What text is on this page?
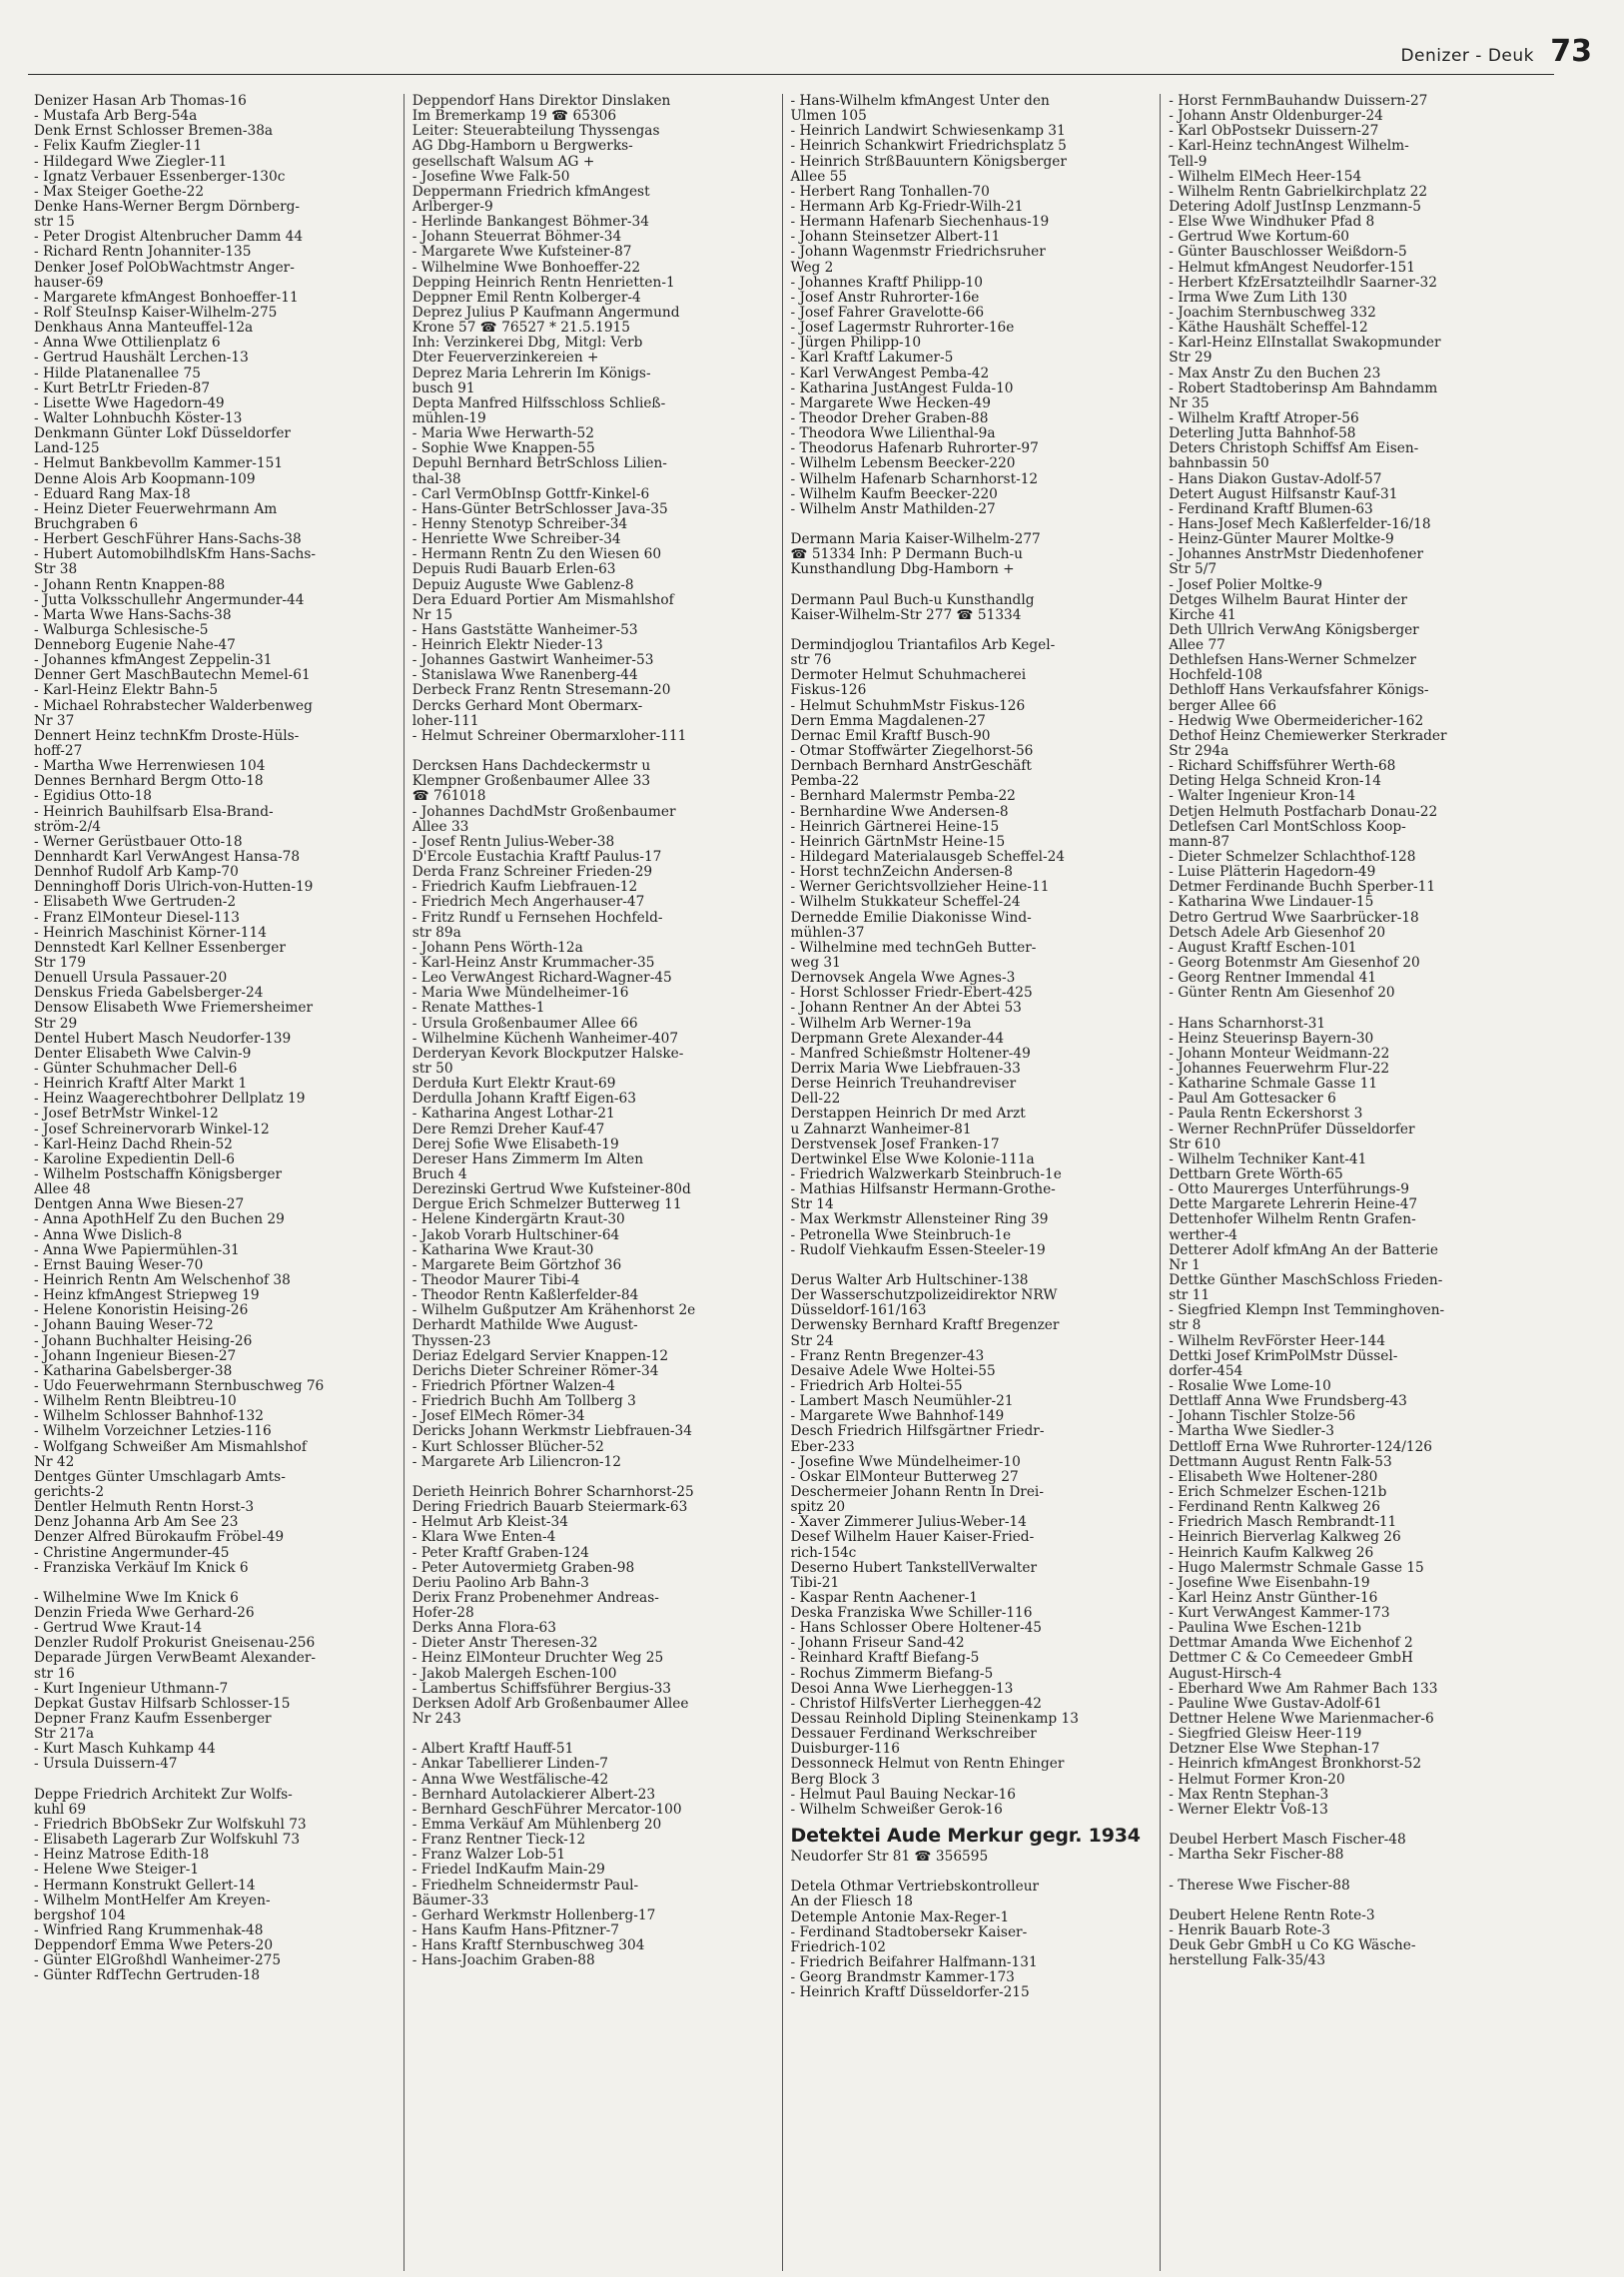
Denizer - Deuk 73
Denizer Hasan Arb Thomas-16
- Mustafa Arb Berg-54a
Denk Ernst Schlosser Bremen-38a
- Felix Kaufm Ziegler-11
- Hildegard Wwe Ziegler-11
- Ignatz Verbauer Essenberger-130c
- Max Steiger Goethe-22
Denke Hans-Werner Bergm Dörnberg-
str 15
- Peter Drogist Altenbrucher Damm 44
- Richard Rentn Johanniter-135
Denker Josef PolObWachtmstr Anger-
hauser-69
- Margarete kfmAngest Bonhoeffer-11
- Rolf SteuInsp Kaiser-Wilhelm-275
Denkhaus Anna Manteuffel-12a
- Anna Wwe Ottilienplatz 6
- Gertrud Haushält Lerchen-13
- Hilde Platanenallee 75
- Kurt BetrLtr Frieden-87
- Lisette Wwe Hagedorn-49
- Walter Lohnbuchh Köster-13
Denkmann Günter Lokf Düsseldorfer
Land-125
- Helmut Bankbevollm Kammer-151
Denne Alois Arb Koopmann-109
- Eduard Rang Max-18
- Heinz Dieter Feuerwehrmann Am
Bruchgraben 6
- Herbert GeschFührer Hans-Sachs-38
- Hubert AutomobilhdlsKfm Hans-Sachs-
Str 38
- Johann Rentn Knappen-88
- Jutta Volksschullehr Angermunder-44
- Marta Wwe Hans-Sachs-38
- Walburga Schlesische-5
Denneborg Eugenie Nahe-47
- Johannes kfmAngest Zeppelin-31
Denner Gert MaschBautechn Memel-61
- Karl-Heinz Elektr Bahn-5
- Michael Rohrabstecher Walderbenweg
Nr 37
Dennert Heinz technKfm Droste-Hüls-
hoff-27
- Martha Wwe Herrenwiesen 104
Dennes Bernhard Bergm Otto-18
- Egidius Otto-18
- Heinrich Bauhilfsarb Elsa-Brand-
ström-2/4
- Werner Gerüstbauer Otto-18
Dennhardt Karl VerwAngest Hansa-78
Dennhof Rudolf Arb Kamp-70
Denninghoff Doris Ulrich-von-Hutten-19
- Elisabeth Wwe Gertruden-2
- Franz ElMonteur Diesel-113
- Heinrich Maschinist Körner-114
Dennstedt Karl Kellner Essenberger
Str 179
Denuell Ursula Passauer-20
Denskus Frieda Gabelsberger-24
Densow Elisabeth Wwe Friemersheimer
Str 29
Dentel Hubert Masch Neudorfer-139
Denter Elisabeth Wwe Calvin-9
- Günter Schuhmacher Dell-6
- Heinrich Kraftf Alter Markt 1
- Heinz Waagerechtbohrer Dellplatz 19
- Josef BetrMstr Winkel-12
- Josef Schreinervorarb Winkel-12
- Karl-Heinz Dachd Rhein-52
- Karoline Expedientin Dell-6
- Wilhelm Postschaffn Königsberger
Allee 48
Dentgen Anna Wwe Biesen-27
- Anna ApothHelf Zu den Buchen 29
- Anna Wwe Dislich-8
- Anna Wwe Papiermühlen-31
- Ernst Bauing Weser-70
- Heinrich Rentn Am Welschenhof 38
- Heinz kfmAngest Striepweg 19
- Helene Konoristin Heising-26
- Johann Bauing Weser-72
- Johann Buchhalter Heising-26
- Johann Ingenieur Biesen-27
- Katharina Gabelsberger-38
- Udo Feuerwehrmann Sternbuschweg 76
- Wilhelm Rentn Bleibtreu-10
- Wilhelm Schlosser Bahnhof-132
- Wilhelm Vorzeichner Letzies-116
- Wolfgang Schweißer Am Mismahlshof
Nr 42
Dentges Günter Umschlagarb Amts-
gerichts-2
Dentler Helmuth Rentn Horst-3
Denz Johanna Arb Am See 23
Denzer Alfred Bürokaufm Fröbel-49
- Christine Angermunder-45
- Franziska Verkäuf Im Knick 6
- Wilhelmine Wwe Im Knick 6
Denzin Frieda Wwe Gerhard-26
- Gertrud Wwe Kraut-14
Denzler Rudolf Prokurist Gneisenau-256
Deparade Jürgen VerwBeamt Alexander-
str 16
- Kurt Ingenieur Uthmann-7
Depkat Gustav Hilfsarb Schlosser-15
Depner Franz Kaufm Essenberger
Str 217a
- Kurt Masch Kuhkamp 44
- Ursula Duissern-47
Deppe Friedrich Architekt Zur Wolfs-
kuhl 69
- Friedrich BbObSekr Zur Wolfskuhl 73
- Elisabeth Lagerarb Zur Wolfskuhl 73
- Heinz Matrose Edith-18
- Helene Wwe Steiger-1
- Hermann Konstrukt Gellert-14
- Wilhelm MontHelfer Am Kreyen-
bergshof 104
- Winfried Rang Krummenhak-48
Deppendorf Emma Wwe Peters-20
- Günter ElGroßhdl Wanheimer-275
- Günter RdfTechn Gertruden-18
Deppendorf Hans Direktor Dinslaken
Im Bremerkamp 19 ☎ 65306
Leiter: Steuerabteilung Thyssengas
AG Dbg-Hamborn u Bergwerks-
gesellschaft Walsum AG +
- Josefine Wwe Falk-50
Deppermann Friedrich kfmAngest
Arlberger-9
- Herlinde Bankangest Böhmer-34
- Johann Steuerrat Böhmer-34
- Margarete Wwe Kufsteiner-87
- Wilhelmine Wwe Bonhoeffer-22
Depping Heinrich Rentn Henrietten-1
Deppner Emil Rentn Kolberger-4
Deprez Julius P Kaufmann Angermund
Krone 57 ☎ 76527 * 21.5.1915
Inh: Verzinkerei Dbg, Mitgl: Verb
Dter Feuerverzinkereien +
Deprez Maria Lehrerin Im Königs-
busch 91
Depta Manfred Hilfsschloss Schließ-
mühlen-19
- Maria Wwe Herwarth-52
- Sophie Wwe Knappen-55
Depuhl Bernhard BetrSchloss Lilien-
thal-38
- Carl VermObInsp Gottfr-Kinkel-6
- Hans-Günter BetrSchlosser Java-35
- Henny Stenotyp Schreiber-34
- Henriette Wwe Schreiber-34
- Hermann Rentn Zu den Wiesen 60
Depuis Rudi Bauarb Erlen-63
Depuiz Auguste Wwe Gablenz-8
Dera Eduard Portier Am Mismahlshof
Nr 15
- Hans Gaststätte Wanheimer-53
- Heinrich Elektr Nieder-13
- Johannes Gastwirt Wanheimer-53
- Stanislawa Wwe Ranenberg-44
Derbeck Franz Rentn Stresemann-20
Dercks Gerhard Mont Obermarx-
loher-111
- Helmut Schreiner Obermarxloher-111
Dercksen Hans Dachdeckermstr u
Klempner Großenbaumer Allee 33
☎ 761018
- Johannes DachdMstr Großenbaumer
Allee 33
- Josef Rentn Julius-Weber-38
D'Ercole Eustachia Kraftf Paulus-17
Derda Franz Schreiner Frieden-29
- Friedrich Kaufm Liebfrauen-12
- Friedrich Mech Angerhauser-47
- Fritz Rundf u Fernsehen Hochfeld-
str 89a
- Johann Pens Wörth-12a
- Karl-Heinz Anstr Krummacher-35
- Leo VerwAngest Richard-Wagner-45
- Maria Wwe Mündelheimer-16
- Renate Matthes-1
- Ursula Großenbaumer Allee 66
- Wilhelmine Küchenh Wanheimer-407
Derderyan Kevork Blockputzer Halske-
str 50
Derduła Kurt Elektr Kraut-69
Derdulla Johann Kraftf Eigen-63
- Katharina Angest Lothar-21
Dere Remzi Dreher Kauf-47
Derej Sofie Wwe Elisabeth-19
Dereser Hans Zimmerm Im Alten
Bruch 4
Derezinski Gertrud Wwe Kufsteiner-80d
Dergue Erich Schmelzer Butterweg 11
- Helene Kindergärtn Kraut-30
- Jakob Vorarb Hultschiner-64
- Katharina Wwe Kraut-30
- Margarete Beim Görtzhof 36
- Theodor Maurer Tibi-4
- Theodor Rentn Kaßlerfelder-84
- Wilhelm Gußputzer Am Krähenhorst 2e
Derhardt Mathilde Wwe August-
Thyssen-23
Deriaz Edelgard Servier Knappen-12
Derichs Dieter Schreiner Römer-34
- Friedrich Pförtner Walzen-4
- Friedrich Buchh Am Tollberg 3
- Josef ElMech Römer-34
Dericks Johann Werkmstr Liebfrauen-34
- Kurt Schlosser Blücher-52
- Margarete Arb Liliencron-12
Derieth Heinrich Bohrer Scharnhorst-25
Dering Friedrich Bauarb Steiermark-63
- Helmut Arb Kleist-34
- Klara Wwe Enten-4
- Peter Kraftf Graben-124
- Peter Autovermietg Graben-98
Deriu Paolino Arb Bahn-3
Derix Franz Probenehmer Andreas-
Hofer-28
Derks Anna Flora-63
- Dieter Anstr Theresen-32
- Heinz ElMonteur Druchter Weg 25
- Jakob Malergeh Eschen-100
- Lambertus Schiffsführer Bergius-33
Derksen Adolf Arb Großenbaumer Allee
Nr 243
- Albert Kraftf Hauff-51
- Ankar Tabellierer Linden-7
- Anna Wwe Westfälische-42
- Bernhard Autolackierer Albert-23
- Bernhard GeschFührer Mercator-100
- Emma Verkäuf Am Mühlenberg 20
- Franz Rentner Tieck-12
- Franz Walzer Lob-51
- Friedel IndKaufm Main-29
- Friedhelm Schneidermstr Paul-
Bäumer-33
- Gerhard Werkmstr Hollenberg-17
- Hans Kaufm Hans-Pfitzner-7
- Hans Kraftf Sternbuschweg 304
- Hans-Joachim Graben-88
- Hans-Wilhelm kfmAngest Unter den
Ulmen 105
- Heinrich Landwirt Schwiesenkamp 31
- Heinrich Schankwirt Friedrichsplatz 5
- Heinrich StrßBauuntern Königsberger
Allee 55
- Herbert Rang Tonhallen-70
- Hermann Arb Kg-Friedr-Wilh-21
- Hermann Hafenarb Siechenhaus-19
- Johann Steinsetzer Albert-11
- Johann Wagenmstr Friedrichsruher
Weg 2
- Johannes Kraftf Philipp-10
- Josef Anstr Ruhrorter-16e
- Josef Fahrer Gravelotte-66
- Josef Lagermstr Ruhrorter-16e
- Jürgen Philipp-10
- Karl Kraftf Lakumer-5
- Karl VerwAngest Pemba-42
- Katharina JustAngest Fulda-10
- Margarete Wwe Hecken-49
- Theodor Dreher Graben-88
- Theodora Wwe Lilienthal-9a
- Theodorus Hafenarb Ruhrorter-97
- Wilhelm Lebensm Beecker-220
- Wilhelm Hafenarb Scharnhorst-12
- Wilhelm Kaufm Beecker-220
- Wilhelm Anstr Mathilden-27
Dermann Maria Kaiser-Wilhelm-277
☎ 51334 Inh: P Dermann Buch-u
Kunsthandlung Dbg-Hamborn +
Dermann Paul Buch-u Kunsthandlg
Kaiser-Wilhelm-Str 277 ☎ 51334
Dermindjoglou Triantafilos Arb Kegel-
str 76
Dermoter Helmut Schuhmacherei
Fiskus-126
- Helmut SchuhmMstr Fiskus-126
Dern Emma Magdalenen-27
Dernac Emil Kraftf Busch-90
- Otmar Stoffwärter Ziegelhorst-56
Dernbach Bernhard AnstrGeschäft
Pemba-22
- Bernhard Malermstr Pemba-22
- Bernhardine Wwe Andersen-8
- Heinrich Gärtnerei Heine-15
- Heinrich GärtnMstr Heine-15
- Hildegard Materialausgeb Scheffel-24
- Horst technZeichn Andersen-8
- Werner Gerichtsvollzieher Heine-11
- Wilhelm Stukkateur Scheffel-24
Dernedde Emilie Diakonisse Wind-
mühlen-37
- Wilhelmine med technGeh Butter-
weg 31
Dernovsek Angela Wwe Agnes-3
- Horst Schlosser Friedr-Ebert-425
- Johann Rentner An der Abtei 53
- Wilhelm Arb Werner-19a
Derpmann Grete Alexander-44
- Manfred Schießmstr Holtener-49
Derrix Maria Wwe Liebfrauen-33
Derse Heinrich Treuhandreviser
Dell-22
Derstappen Heinrich Dr med Arzt
u Zahnarzt Wanheimer-81
Derstvensek Josef Franken-17
Dertwinkel Else Wwe Kolonie-111a
- Friedrich Walzwerkarb Steinbruch-1e
- Mathias Hilfsanstr Hermann-Grothe-
Str 14
- Max Werkmstr Allensteiner Ring 39
- Petronella Wwe Steinbruch-1e
- Rudolf Viehkaufm Essen-Steeler-19
Derus Walter Arb Hultschiner-138
Der Wasserschutzpolizeidirektor NRW
Düsseldorf-161/163
Derwensky Bernhard Kraftf Bregenzer
Str 24
- Franz Rentn Bregenzer-43
Desaive Adele Wwe Holtei-55
- Friedrich Arb Holtei-55
- Lambert Masch Neumühler-21
- Margarete Wwe Bahnhof-149
Desch Friedrich Hilfsgärtner Friedr-
Eber-233
- Josefine Wwe Mündelheimer-10
- Oskar ElMonteur Butterweg 27
Deschermeier Johann Rentn In Drei-
spitz 20
- Xaver Zimmerer Julius-Weber-14
Desef Wilhelm Hauer Kaiser-Fried-
rich-154c
Deserno Hubert TankstellVerwalter
Tibi-21
- Kaspar Rentn Aachener-1
Deska Franziska Wwe Schiller-116
- Hans Schlosser Obere Holtener-45
- Johann Friseur Sand-42
- Reinhard Kraftf Biefang-5
- Rochus Zimmerm Biefang-5
Desoi Anna Wwe Lierheggen-13
- Christof HilfsVerter Lierheggen-42
Dessau Reinhold Dipling Steinenkamp 13
Dessauer Ferdinand Werkschreiber
Duisburger-116
Dessonneck Helmut von Rentn Ehinger
Berg Block 3
- Helmut Paul Bauing Neckar-16
- Wilhelm Schweißer Gerok-16
Detektei Aude Merkur gegr. 1934
Neudorfer Str 81 ☎ 356595
Detela Othmar Vertriebskontrolleur
An der Fliesch 18
Detemple Antonie Max-Reger-1
- Ferdinand Stadtobersekr Kaiser-
Friedrich-102
- Friedrich Beifahrer Halfmann-131
- Georg Brandmstr Kammer-173
- Heinrich Kraftf Düsseldorfer-215
- Horst FernmBauhandw Duissern-27
- Johann Anstr Oldenburger-24
- Karl ObPostsekr Duissern-27
- Karl-Heinz technAngest Wilhelm-
Tell-9
- Wilhelm ElMech Heer-154
- Wilhelm Rentn Gabrielkirchplatz 22
Detering Adolf JustInsp Lenzmann-5
- Else Wwe Windhuker Pfad 8
- Gertrud Wwe Kortum-60
- Günter Bauschlosser Weißdorn-5
- Helmut kfmAngest Neudorfer-151
- Herbert KfzErsatzteilhdlr Saarner-32
- Irma Wwe Zum Lith 130
- Joachim Sternbuschweg 332
- Käthe Haushält Scheffel-12
- Karl-Heinz ElInstallat Swakopmunder
Str 29
- Max Anstr Zu den Buchen 23
- Robert Stadtoberinsp Am Bahndamm
Nr 35
- Wilhelm Kraftf Atroper-56
Deterling Jutta Bahnhof-58
Deters Christoph Schiffsf Am Eisen-
bahnbassin 50
- Hans Diakon Gustav-Adolf-57
Detert August Hilfsanstr Kauf-31
- Ferdinand Kraftf Blumen-63
- Hans-Josef Mech Kaßlerfelder-16/18
- Heinz-Günter Maurer Moltke-9
- Johannes AnstrMstr Diedenhofener
Str 5/7
- Josef Polier Moltke-9
Detges Wilhelm Baurat Hinter der
Kirche 41
Deth Ullrich VerwAng Königsberger
Allee 77
Dethlefsen Hans-Werner Schmelzer
Hochfeld-108
Dethloff Hans Verkaufsfahrer Königs-
berger Allee 66
- Hedwig Wwe Obermeidericher-162
Dethof Heinz Chemiewerker Sterkrader
Str 294a
- Richard Schiffsführer Werth-68
Deting Helga Schneid Kron-14
- Walter Ingenieur Kron-14
Detjen Helmuth Postfacharb Donau-22
Detlefsen Carl MontSchloss Koop-
mann-87
- Dieter Schmelzer Schlachthof-128
- Luise Plätterin Hagedorn-49
Detmer Ferdinande Buchh Sperber-11
- Katharina Wwe Lindauer-15
Detro Gertrud Wwe Saarbrücker-18
Detsch Adele Arb Giesenhof 20
- August Kraftf Eschen-101
- Georg Botenmstr Am Giesenhof 20
- Georg Rentner Immendal 41
- Günter Rentn Am Giesenhof 20
- Hans Scharnhorst-31
- Heinz Steuerinsp Bayern-30
- Johann Monteur Weidmann-22
- Johannes Feuerwehrm Flur-22
- Katharine Schmale Gasse 11
- Paul Am Gottesacker 6
- Paula Rentn Eckershorst 3
- Werner RechnPrüfer Düsseldorfer
Str 610
- Wilhelm Techniker Kant-41
Dettbarn Grete Wörth-65
- Otto Maurerges Unterführungs-9
Dette Margarete Lehrerin Heine-47
Dettenhofer Wilhelm Rentn Grafen-
werther-4
Detterer Adolf kfmAng An der Batterie
Nr 1
Dettke Günther MaschSchloss Frieden-
str 11
- Siegfried Klempn Inst Temminghoven-
str 8
- Wilhelm RevFörster Heer-144
Dettki Josef KrimPolMstr Düssel-
dorfer-454
- Rosalie Wwe Lome-10
Dettlaff Anna Wwe Frundsberg-43
- Johann Tischler Stolze-56
- Martha Wwe Siedler-3
Dettloff Erna Wwe Ruhrorter-124/126
Dettmann August Rentn Falk-53
- Elisabeth Wwe Holtener-280
- Erich Schmelzer Eschen-121b
- Ferdinand Rentn Kalkweg 26
- Friedrich Masch Rembrandt-11
- Heinrich Bierverlag Kalkweg 26
- Heinrich Kaufm Kalkweg 26
- Hugo Malermstr Schmale Gasse 15
- Josefine Wwe Eisenbahn-19
- Karl Heinz Anstr Günther-16
- Kurt VerwAngest Kammer-173
- Paulina Wwe Eschen-121b
Dettmar Amanda Wwe Eichenhof 2
Dettmer C & Co Cemeedeer GmbH
August-Hirsch-4
- Eberhard Wwe Am Rahmer Bach 133
- Pauline Wwe Gustav-Adolf-61
Dettner Helene Wwe Marienmacher-6
- Siegfried Gleisw Heer-119
Detzner Else Wwe Stephan-17
- Heinrich kfmAngest Bronkhorst-52
- Helmut Former Kron-20
- Max Rentn Stephan-3
- Werner Elektr Voß-13
Deubel Herbert Masch Fischer-48
- Martha Sekr Fischer-88
- Therese Wwe Fischer-88
Deubert Helene Rentn Rote-3
- Henrik Bauarb Rote-3
Deuk Gebr GmbH u Co KG Wäsche-
herstellung Falk-35/43
